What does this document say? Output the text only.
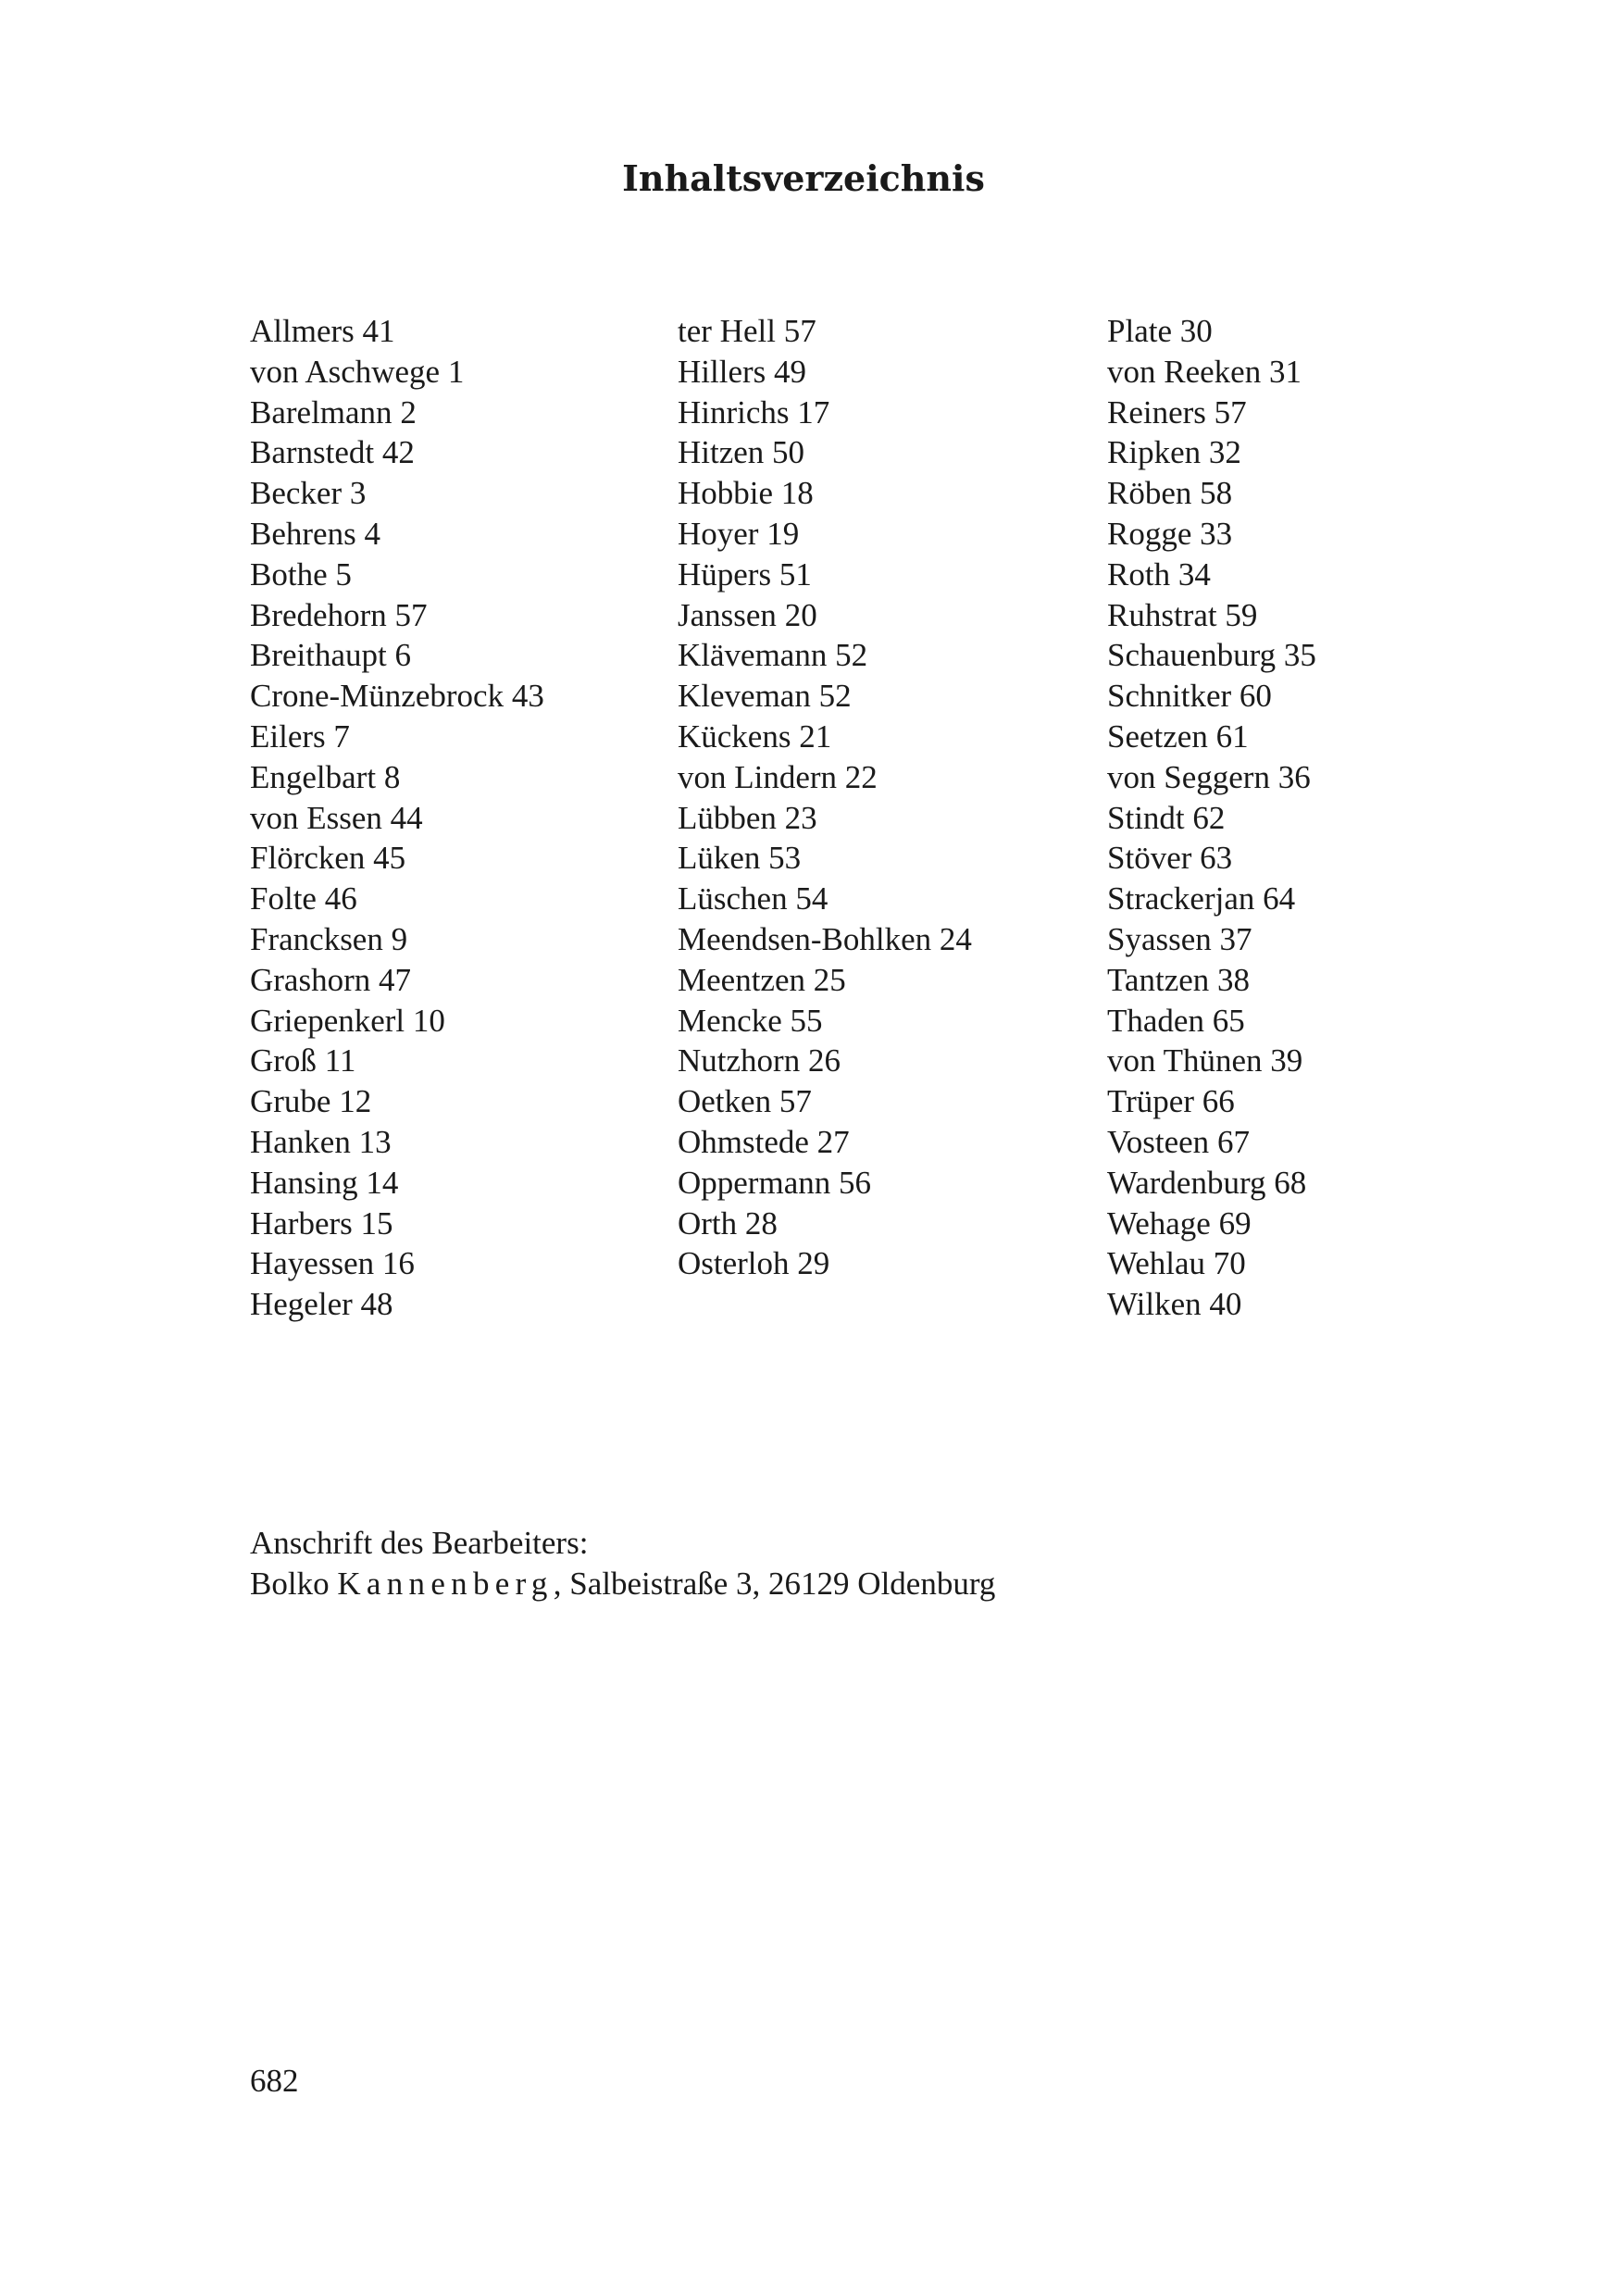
Inhaltsverzeichnis
Allmers 41
von Aschwege 1
Barelmann 2
Barnstedt 42
Becker 3
Behrens 4
Bothe 5
Bredehorn 57
Breithaupt 6
Crone-Münzebrock 43
Eilers 7
Engelbart 8
von Essen 44
Flörcken 45
Folte 46
Francksen 9
Grashorn 47
Griepenkerl 10
Groß 11
Grube 12
Hanken 13
Hansing 14
Harbers 15
Hayessen 16
Hegeler 48
ter Hell 57
Hillers 49
Hinrichs 17
Hitzen 50
Hobbie 18
Hoyer 19
Hüpers 51
Janssen 20
Klävemann 52
Kleveman 52
Kückens 21
von Lindern 22
Lübben 23
Lüken 53
Lüschen 54
Meendsen-Bohlken 24
Meentzen 25
Mencke 55
Nutzhorn 26
Oetken 57
Ohmstede 27
Oppermann 56
Orth 28
Osterloh 29
Plate 30
von Reeken 31
Reiners 57
Ripken 32
Röben 58
Rogge 33
Roth 34
Ruhstrat 59
Schauenburg 35
Schnitker 60
Seetzen 61
von Seggern 36
Stindt 62
Stöver 63
Strackerjan 64
Syassen 37
Tantzen 38
Thaden 65
von Thünen 39
Trüper 66
Vosteen 67
Wardenburg 68
Wehage 69
Wehlau 70
Wilken 40
Anschrift des Bearbeiters:
Bolko Kannenberg, Salbeistraße 3, 26129 Oldenburg
682
